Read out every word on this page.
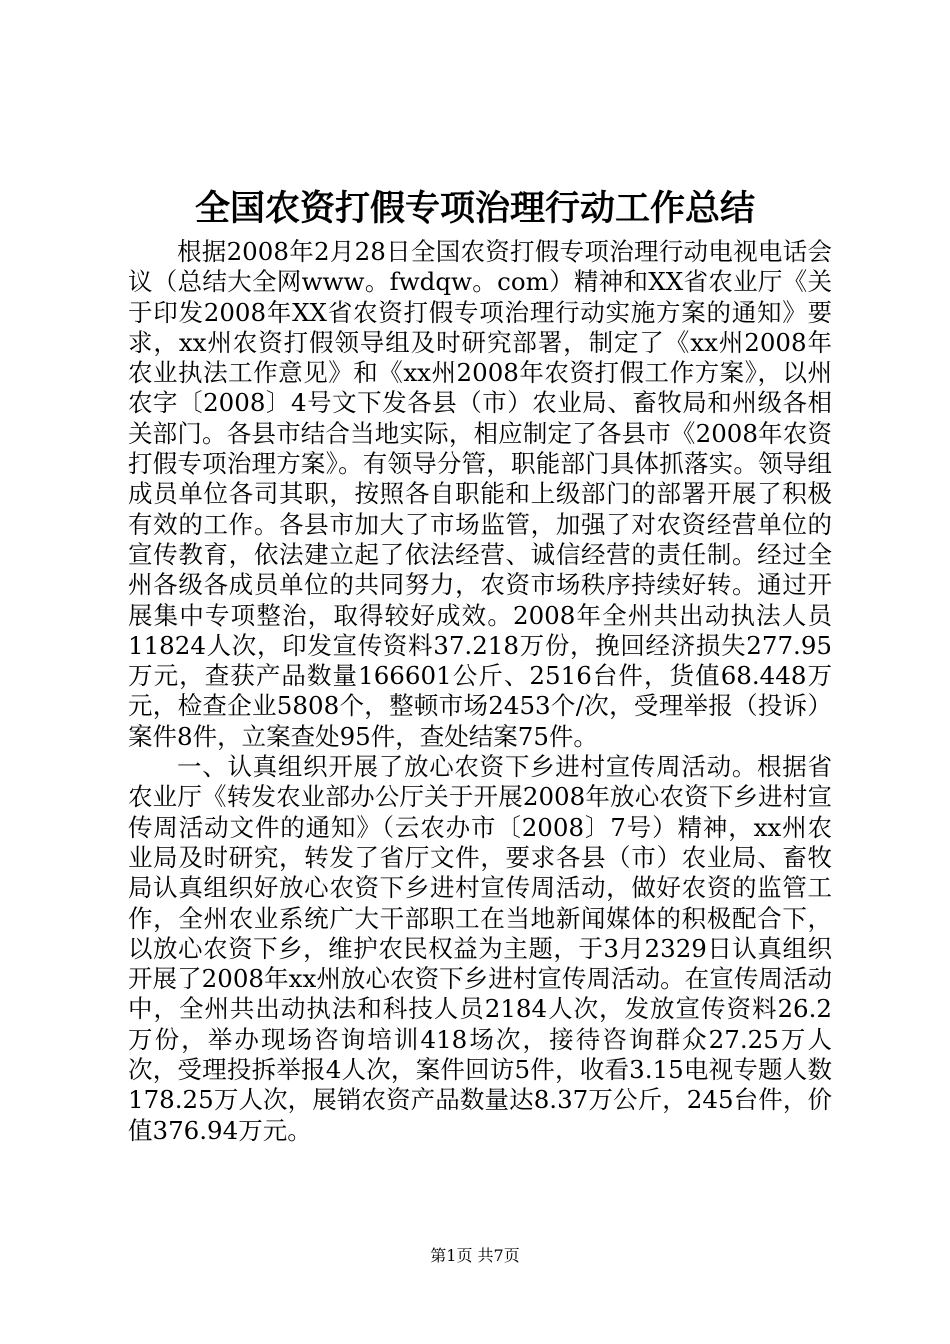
全国农资打假专项治理行动工作总结

根据2008年2月28日全国农资打假专项治理行动电视电话会议（总结大全网www。fwdqw。com）精神和XX省农业厅《关于印发2008年XX省农资打假专项治理行动实施方案的通知》要求，xx州农资打假领导组及时研究部署，制定了《xx州2008年农业执法工作意见》和《xx州2008年农资打假工作方案》，以州农字〔2008〕4号文下发各县（市）农业局、畜牧局和州级各相关部门。各县市结合当地实际，相应制定了各县市《2008年农资打假专项治理方案》。有领导分管，职能部门具体抓落实。领导组成员单位各司其职，按照各自职能和上级部门的部署开展了积极有效的工作。各县市加大了市场监管，加强了对农资经营单位的宣传教育，依法建立起了依法经营、诚信经营的责任制。经过全州各级各成员单位的共同努力，农资市场秩序持续好转。通过开展集中专项整治，取得较好成效。2008年全州共出动执法人员11824人次，印发宣传资料37.218万份，挽回经济损失277.95万元，查获产品数量166601公斤、2516台件，货值68.448万元，检查企业5808个，整顿市场2453个/次，受理举报（投诉）案件8件，立案查处95件，查处结案75件。

一、认真组织开展了放心农资下乡进村宣传周活动。根据省农业厅《转发农业部办公厅关于开展2008年放心农资下乡进村宣传周活动文件的通知》（云农办市〔2008〕7号）精神，xx州农业局及时研究，转发了省厅文件，要求各县（市）农业局、畜牧局认真组织好放心农资下乡进村宣传周活动，做好农资的监管工作，全州农业系统广大干部职工在当地新闻媒体的积极配合下，以放心农资下乡，维护农民权益为主题，于3月2329日认真组织开展了2008年xx州放心农资下乡进村宣传周活动。在宣传周活动中，全州共出动执法和科技人员2184人次，发放宣传资料26.2万份，举办现场咨询培训418场次，接待咨询群众27.25万人次，受理投拆举报4人次，案件回访5件，收看3.15电视专题人数178.25万人次，展销农资产品数量达8.37万公斤，245台件，价值376.94万元。

第1页 共7页
